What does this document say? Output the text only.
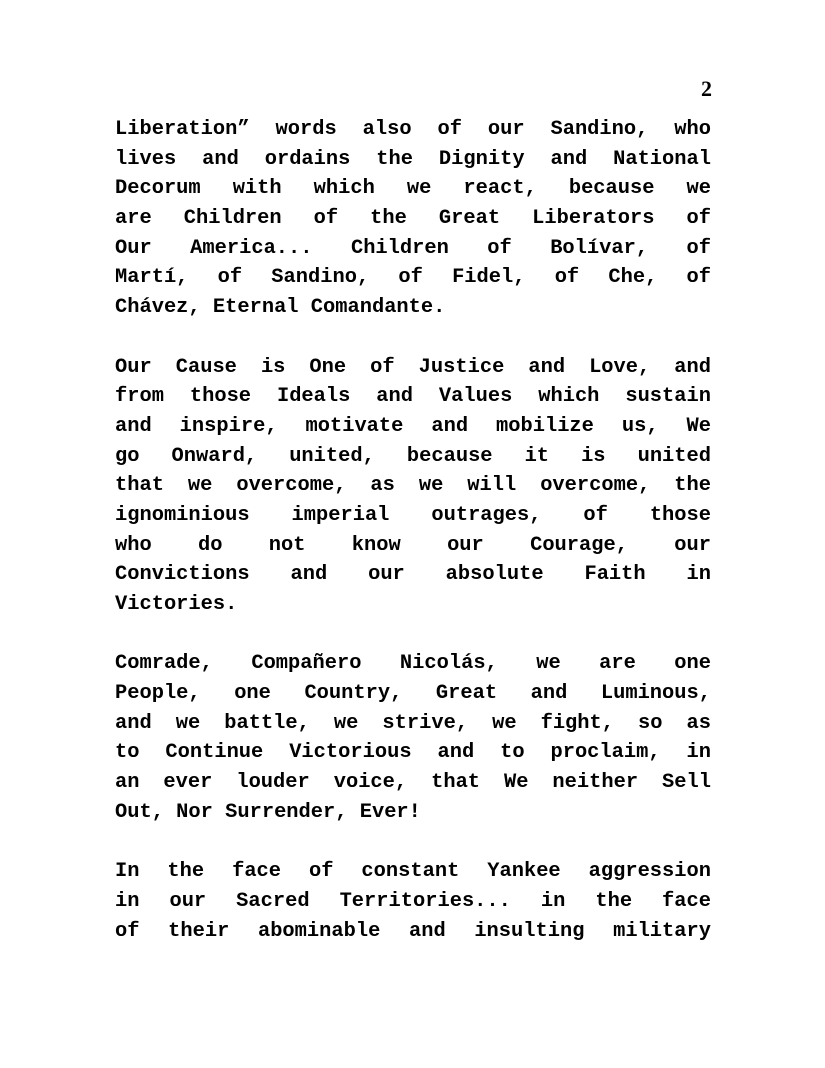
2
Liberation” words also of our Sandino, who
lives and ordains the Dignity and National
Decorum with which we react, because we
are Children of the Great Liberators of
Our America... Children of Bolívar, of
Martí, of Sandino, of Fidel, of Che, of
Chávez, Eternal Comandante.
Our Cause is One of Justice and Love, and
from those Ideals and Values which sustain
and inspire, motivate and mobilize us, We
go Onward, united, because it is united
that we overcome, as we will overcome, the
ignominious imperial outrages, of those
who do not know our Courage, our
Convictions and our absolute Faith in
Victories.
Comrade, Compañero Nicolás, we are one
People, one Country, Great and Luminous,
and we battle, we strive, we fight, so as
to Continue Victorious and to proclaim, in
an ever louder voice, that We neither Sell
Out, Nor Surrender, Ever!
In the face of constant Yankee aggression
in our Sacred Territories... in the face
of their abominable and insulting military
